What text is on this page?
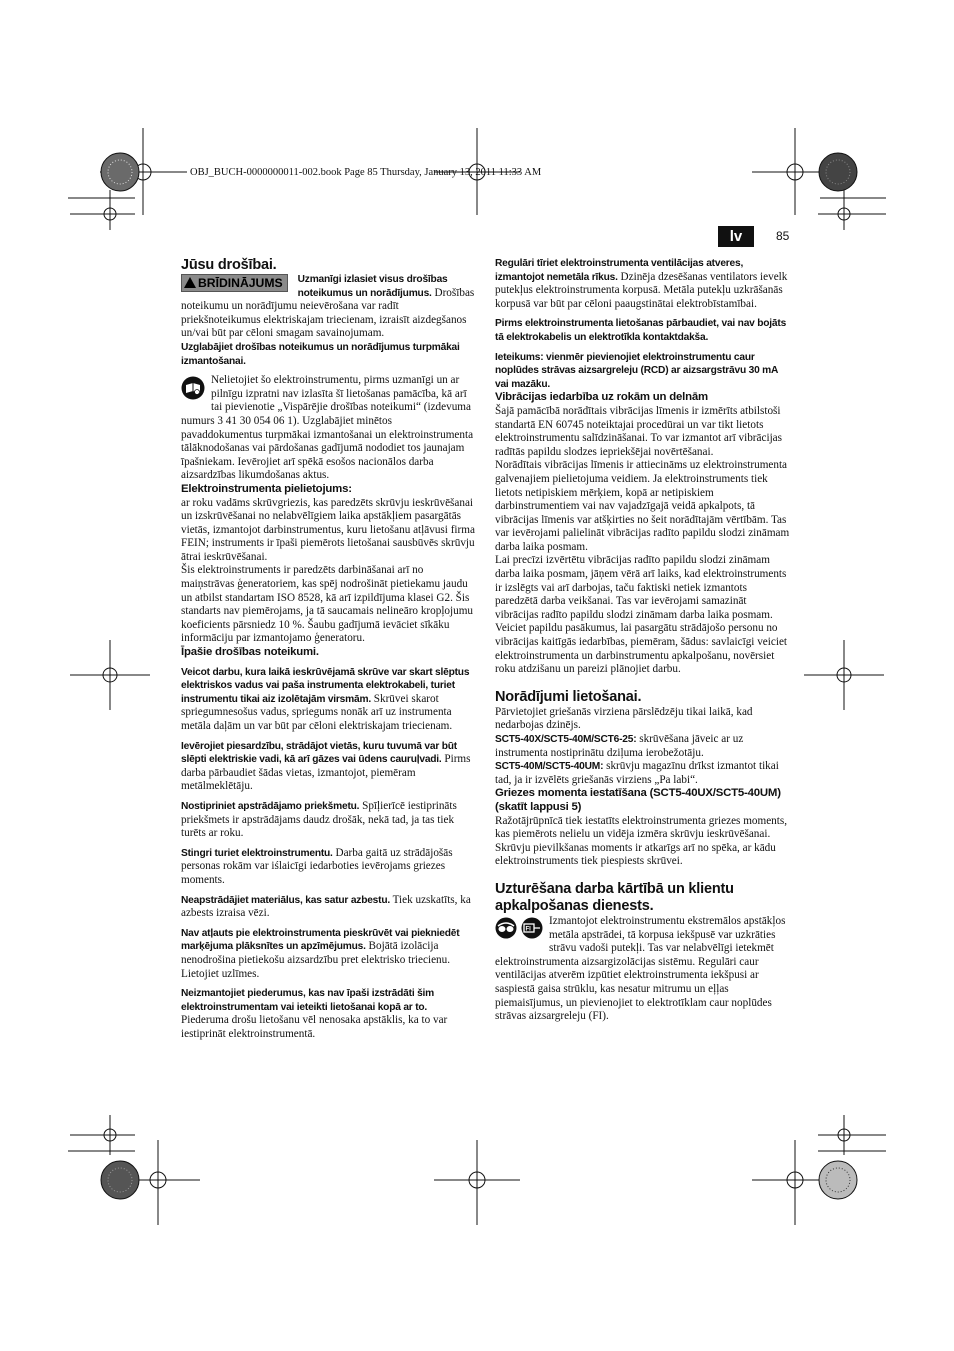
OBJ_BUCH-0000000011-002.book Page 85 Thursday, January 13, 2011 11:33 AM
lv	85

Jūsu drošībai.

BRĪDINĀJUMS	Uzmanīgi izlasiet visus drošības noteikumus un norādījumus. Drošības noteikumu un norādījumu neievērošana var radīt priekšnoteikumus elektriskajam triecienam, izraisīt aizdegšanos un/vai būt par cēloni smagam savainojumam.

Uzglabājiet drošības noteikumus un norādījumus turpmākai izmantošanai.

Nelietojiet šo elektroinstrumentu, pirms uzmanīgi un ar pilnīgu izpratni nav izlasīta šī lietošanas pamācība, kā arī tai pievienotie „Vispārējie drošības noteikumi“ (izdevuma numurs 3 41 30 054 06 1). Uzglabājiet minētos pavaddokumentus turpmākai izmantošanai un elektroinstrumenta tālāknodošanas vai pārdošanas gadījumā nododiet tos jaunajam īpašniekam. Ievērojiet arī spēkā esošos nacionālos darba aizsardzības likumdošanas aktus.

Elektroinstrumenta pielietojums:

ar roku vadāms skrūvgriezis, kas paredzēts skrūvju ieskrūvēšanai un izskrūvēšanai no nelabvēlīgiem laika apstākļiem pasargātās vietās, izmantojot darbinstrumentus, kuru lietošanu atļāvusi firma FEIN; instruments ir īpaši piemērots lietošanai sausbūvēs skrūvju ātrai ieskrūvēšanai.

Šis elektroinstruments ir paredzēts darbināšanai arī no maiņstrāvas ģeneratoriem, kas spēj nodrošināt pietiekamu jaudu un atbilst standartam ISO 8528, kā arī izpildījuma klasei G2. Šis standarts nav piemērojams, ja tā saucamais nelineāro kropļojumu koeficients pārsniedz 10 %. Šaubu gadījumā ievāciet sīkāku informāciju par izmantojamo ģeneratoru.

Īpašie drošības noteikumi.

Veicot darbu, kura laikā ieskrūvējamā skrūve var skart slēptus elektriskos vadus vai paša instrumenta elektrokabeli, turiet instrumentu tikai aiz izolētajām virsmām. Skrūvei skarot spriegumnesošus vadus, spriegums nonāk arī uz instrumenta metāla daļām un var būt par cēloni elektriskajam triecienam.

Ievērojiet piesardzību, strādājot vietās, kuru tuvumā var būt slēpti elektriskie vadi, kā arī gāzes vai ūdens cauruļvadi. Pirms darba pārbaudiet šādas vietas, izmantojot, piemēram metālmeklētāju.

Nostipriniet apstrādājamo priekšmetu. Spīļierīcē iestiprināts priekšmets ir apstrādājams daudz drošāk, nekā tad, ja tas tiek turēts ar roku.

Stingri turiet elektroinstrumentu. Darba gaitā uz strādājošās personas rokām var iślaicīgi iedarboties ievērojams griezes moments.

Neapstrādājiet materiālus, kas satur azbestu. Tiek uzskatīts, ka azbests izraisa vēzi.

Nav atļauts pie elektroinstrumenta pieskrūvēt vai piekniedēt marķējuma plāksnītes un apzīmējumus. Bojātā izolācija nenodrošina pietiekošu aizsardzību pret elektrisko triecienu. Lietojiet uzlīmes.

Neizmantojiet piederumus, kas nav īpaši izstrādāti šim elektroinstrumentam vai ieteikti lietošanai kopā ar to. Piederuma drošu lietošanu vēl nenosaka apstāklis, ka to var iestiprināt elektroinstrumentā.

Regulāri tīriet elektroinstrumenta ventilācijas atveres, izmantojot nemetāla rīkus. Dzinēja dzesēšanas ventilators ievelk putekļus elektroinstrumenta korpusā. Metāla putekļu uzkrāšanās korpusā var būt par cēloni paaugstinātai elektrobīstamībai.

Pirms elektroinstrumenta lietošanas pārbaudiet, vai nav bojāts tā elektrokabelis un elektrotīkla kontaktdakša.

Ieteikums: vienmēr pievienojiet elektroinstrumentu caur noplūdes strāvas aizsargreleju (RCD) ar aizsargstrāvu 30 mA vai mazāku.

Vibrācijas iedarbība uz rokām un delnām

Šajā pamācībā norādītais vibrācijas līmenis ir izmērīts atbilstoši standartā EN 60745 noteiktajai procedūrai un var tikt lietots elektroinstrumentu salīdzināšanai. To var izmantot arī vibrācijas radītās papildu slodzes iepriekšējai novērtēšanai.

Norādītais vibrācijas līmenis ir attiecināms uz elektroinstrumenta galvenajiem pielietojuma veidiem. Ja elektroinstruments tiek lietots netipiskiem mērķiem, kopā ar netipiskiem darbinstrumentiem vai nav vajadzīgajā veidā apkalpots, tā vibrācijas līmenis var atšķirties no šeit norādītajām vērtībām. Tas var ievērojami palielināt vibrācijas radīto papildu slodzi zināmam darba laika posmam.

Lai precīzi izvērtētu vibrācijas radīto papildu slodzi zināmam darba laika posmam, jāņem vērā arī laiks, kad elektroinstruments ir izslēgts vai arī darbojas, taču faktiski netiek izmantots paredzētā darba veikšanai. Tas var ievērojami samazināt vibrācijas radīto papildu slodzi zināmam darba laika posmam.

Veiciet papildu pasākumus, lai pasargātu strādājošo personu no vibrācijas kaitīgās iedarbības, piemēram, šādus: savlaicīgi veiciet elektroinstrumenta un darbinstrumentu apkalpošanu, novērsiet roku atdzišanu un pareizi plānojiet darbu.

Norādījumi lietošanai.

Pārvietojiet griešanās virziena pārslēdzēju tikai laikā, kad nedarbojas dzinējs.

SCT5-40X/SCT5-40M/SCT6-25: skrūvēšana jāveic ar uz instrumenta nostiprinātu dziļuma ierobežotāju.

SCT5-40M/SCT5-40UM: skrūvju magazīnu drīkst izmantot tikai tad, ja ir izvēlēts griešanās virziens „Pa labi“.

Griezes momenta iestatīšana (SCT5-40UX/SCT5-40UM) (skatīt lappusi 5)

Ražotājrūpnīcā tiek iestatīts elektroinstrumenta griezes moments, kas piemērots nelielu un vidēja izmēra skrūvju ieskrūvēšanai.

Skrūvju pievilkšanas moments ir atkarīgs arī no spēka, ar kādu elektroinstruments tiek piespiests skrūvei.

Uzturēšana darba kārtībā un klientu apkalpošanas dienests.

FI
Izmantojot elektroinstrumentu ekstremālos apstākļos metāla apstrādei, tā korpusa iekšpusē var uzkrāties strāvu vadoši putekļi. Tas var nelabvēlīgi ietekmēt elektroinstrumenta aizsargizolācijas sistēmu. Regulāri caur ventilācijas atverēm izpūtiet elektroinstrumenta iekšpusi ar saspiestā gaisa strūklu, kas nesatur mitrumu un eļļas piemaisījumus, un pievienojiet to elektrotīklam caur noplūdes strāvas aizsargreleju (FI).
